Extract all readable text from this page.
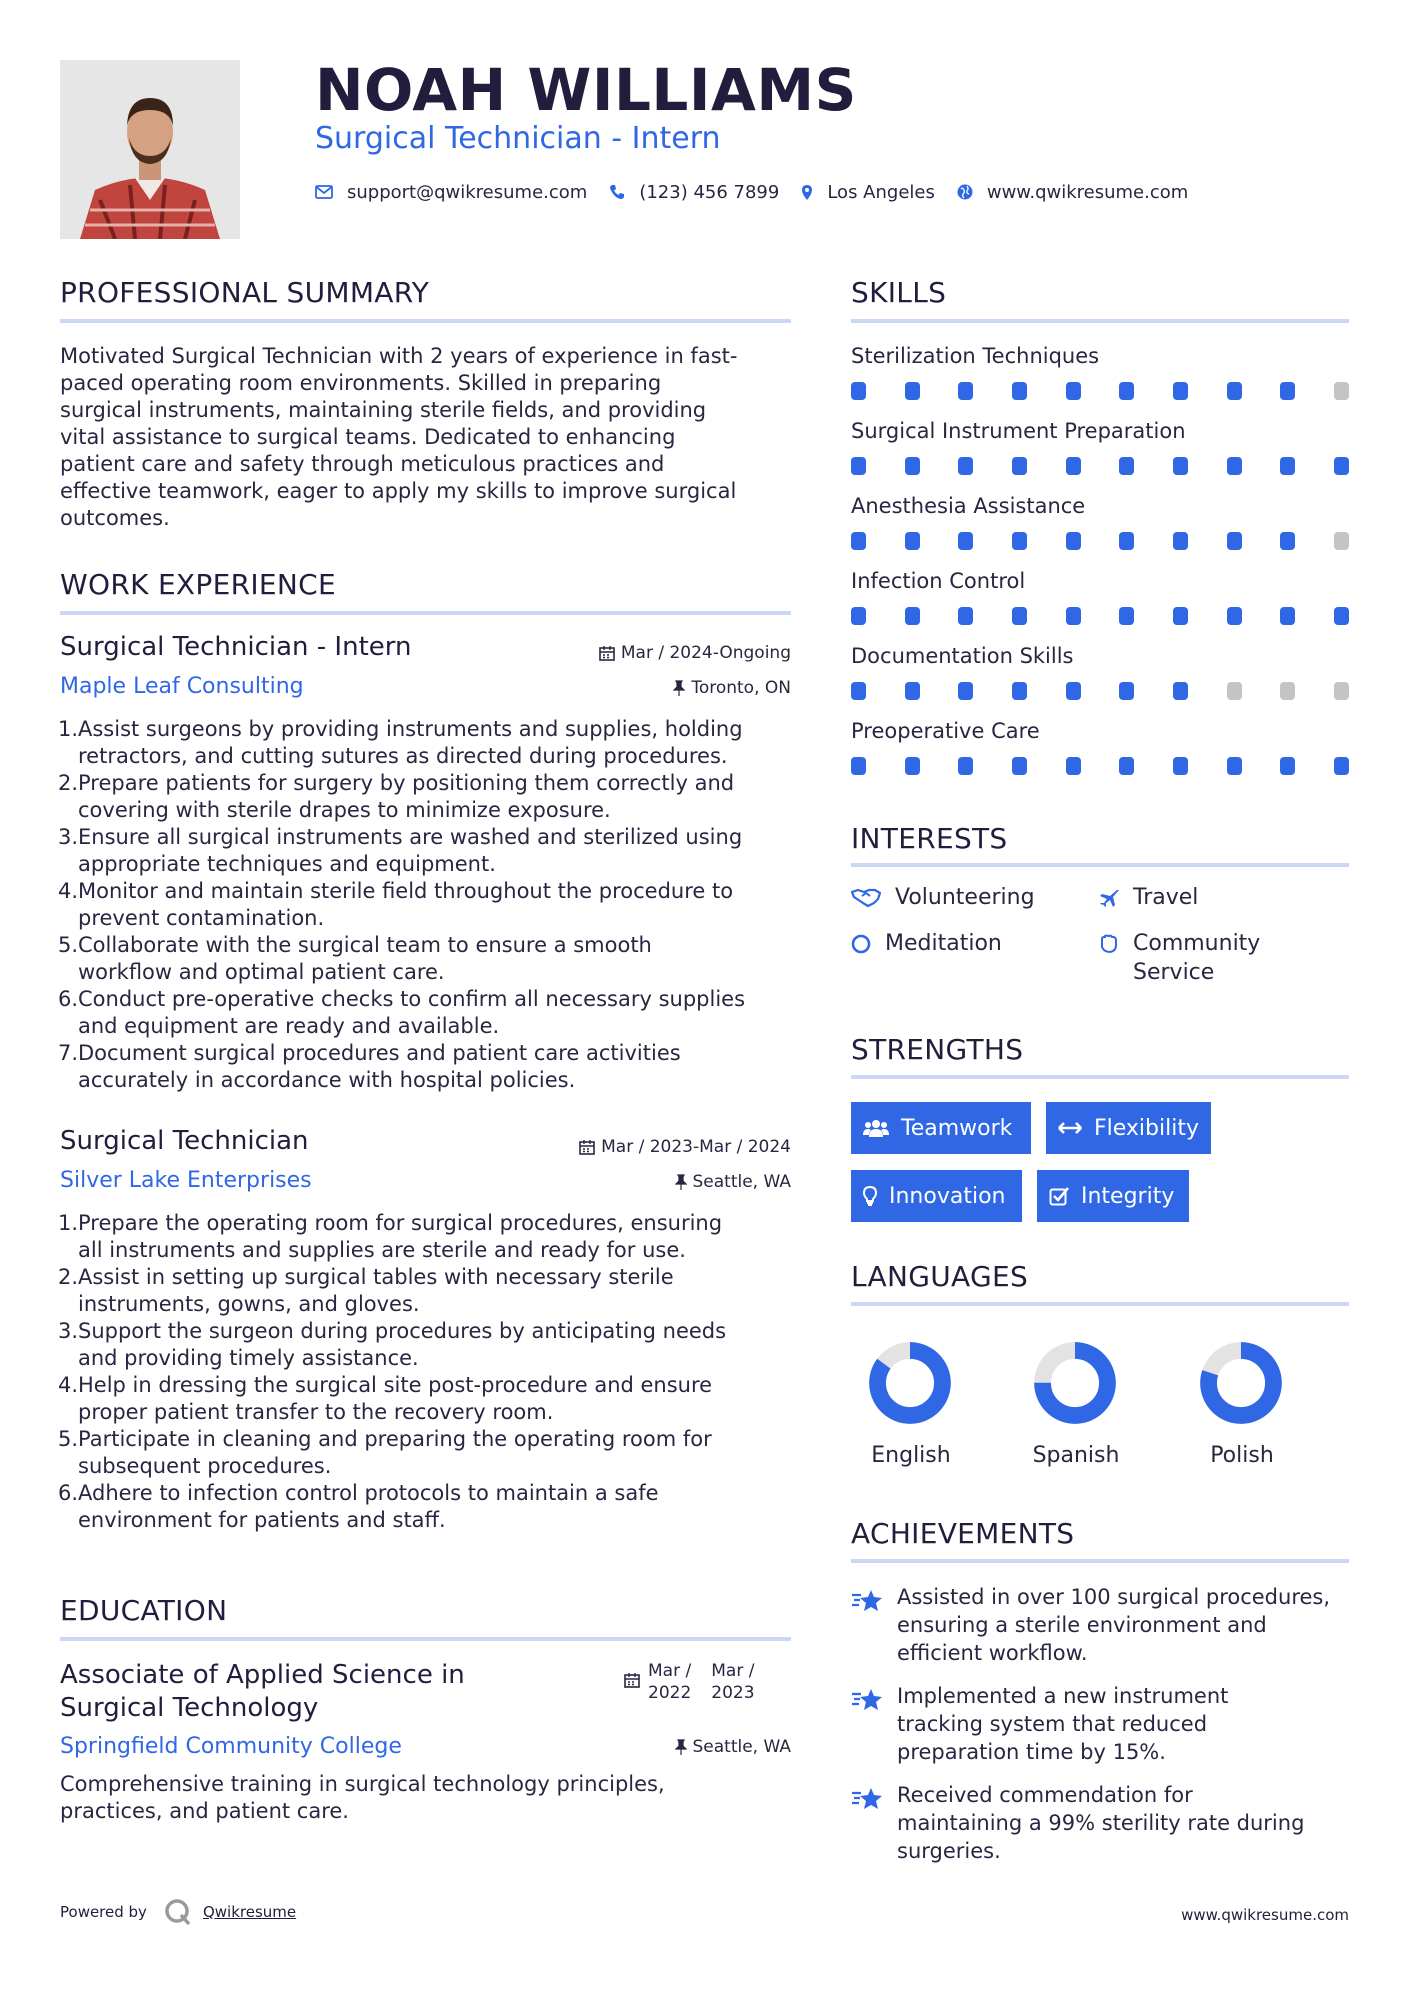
NOAH WILLIAMS
Surgical Technician - Intern
support@qwikresume.com	(123) 456 7899	Los Angeles	www.qwikresume.com
PROFESSIONAL SUMMARY
Motivated Surgical Technician with 2 years of experience in fast-
paced operating room environments. Skilled in preparing
surgical instruments, maintaining sterile fields, and providing
vital assistance to surgical teams. Dedicated to enhancing
patient care and safety through meticulous practices and
effective teamwork, eager to apply my skills to improve surgical
outcomes.
WORK EXPERIENCE
Surgical Technician - Intern	Mar / 2024-Ongoing
Maple Leaf Consulting	Toronto, ON
1. Assist surgeons by providing instruments and supplies, holding
retractors, and cutting sutures as directed during procedures.
2. Prepare patients for surgery by positioning them correctly and
covering with sterile drapes to minimize exposure.
3. Ensure all surgical instruments are washed and sterilized using
appropriate techniques and equipment.
4. Monitor and maintain sterile field throughout the procedure to
prevent contamination.
5. Collaborate with the surgical team to ensure a smooth
workflow and optimal patient care.
6. Conduct pre-operative checks to confirm all necessary supplies
and equipment are ready and available.
7. Document surgical procedures and patient care activities
accurately in accordance with hospital policies.
Surgical Technician	Mar / 2023-Mar / 2024
Silver Lake Enterprises	Seattle, WA
1. Prepare the operating room for surgical procedures, ensuring
all instruments and supplies are sterile and ready for use.
2. Assist in setting up surgical tables with necessary sterile
instruments, gowns, and gloves.
3. Support the surgeon during procedures by anticipating needs
and providing timely assistance.
4. Help in dressing the surgical site post-procedure and ensure
proper patient transfer to the recovery room.
5. Participate in cleaning and preparing the operating room for
subsequent procedures.
6. Adhere to infection control protocols to maintain a safe
environment for patients and staff.
EDUCATION
Associate of Applied Science in
Surgical Technology
Mar /
2022
Mar /
2023
Springfield Community College	Seattle, WA
Comprehensive training in surgical technology principles,
practices, and patient care.
SKILLS
Sterilization Techniques
Surgical Instrument Preparation
Anesthesia Assistance
Infection Control
Documentation Skills
Preoperative Care
INTERESTS
Volunteering	Travel
Meditation	Community
Service
STRENGTHS
Teamwork	Flexibility
Innovation	Integrity
LANGUAGES
English	Spanish	Polish
ACHIEVEMENTS
Assisted in over 100 surgical procedures,
ensuring a sterile environment and
efficient workflow.
Implemented a new instrument
tracking system that reduced
preparation time by 15%.
Received commendation for
maintaining a 99% sterility rate during
surgeries.
Powered by	Qwikresume	www.qwikresume.com
